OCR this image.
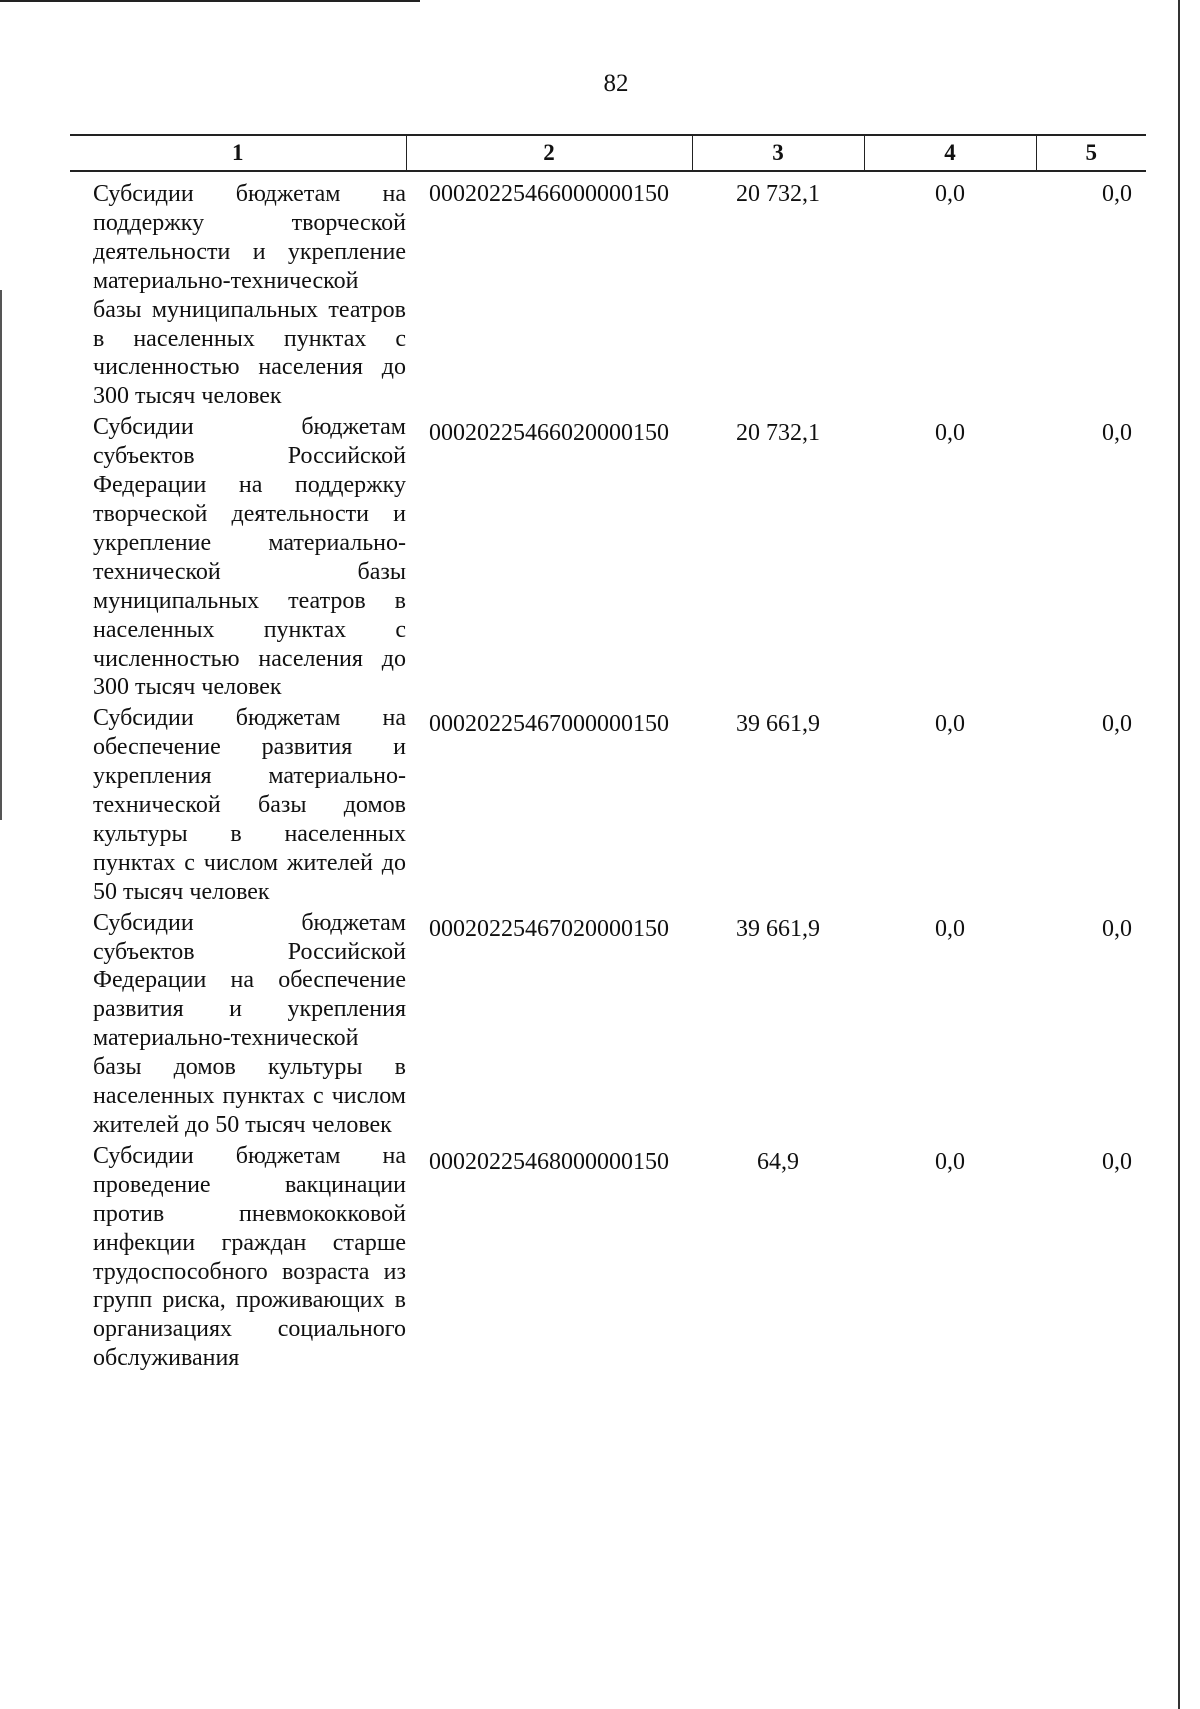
82
1	2	3	4	5
Субсидии бюджетам на поддержку творческой деятельности и укрепление материально-технической базы муниципальных театров в населенных пунктах с численностью населения до 300 тысяч человек	00020225466000000150	20 732,1	0,0	0,0
Субсидии бюджетам субъектов Российской Федерации на поддержку творческой деятельности и укрепление материально-технической базы муниципальных театров в населенных пунктах с численностью населения до 300 тысяч человек	00020225466020000150	20 732,1	0,0	0,0
Субсидии бюджетам на обеспечение развития и укрепления материально-технической базы домов культуры в населенных пунктах с числом жителей до 50 тысяч человек	00020225467000000150	39 661,9	0,0	0,0
Субсидии бюджетам субъектов Российской Федерации на обеспечение развития и укрепления материально-технической базы домов культуры в населенных пунктах с числом жителей до 50 тысяч человек	00020225467020000150	39 661,9	0,0	0,0
Субсидии бюджетам на проведение вакцинации против пневмококковой инфекции граждан старше трудоспособного возраста из групп риска, проживающих в организациях социального обслуживания	00020225468000000150	64,9	0,0	0,0
